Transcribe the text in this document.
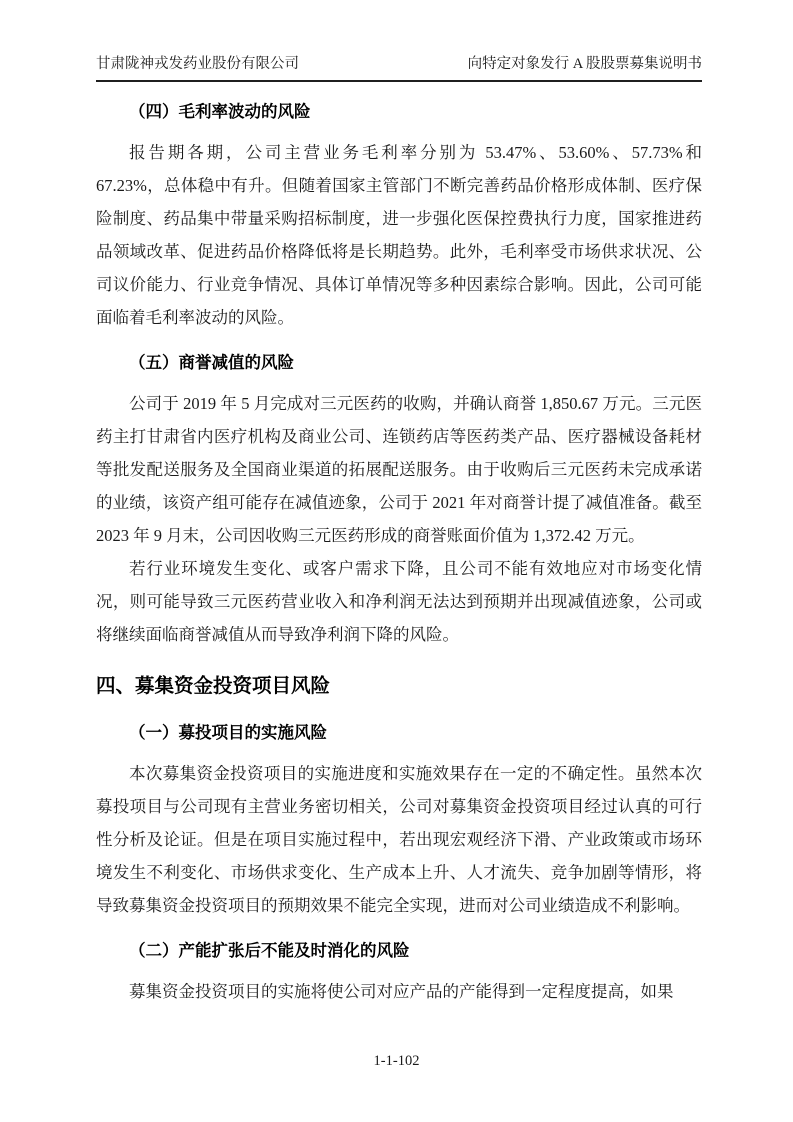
甘肃陇神戎发药业股份有限公司	向特定对象发行 A 股股票募集说明书
（四）毛利率波动的风险

报告期各期，公司主营业务毛利率分别为 53.47%、53.60%、57.73%和 67.23%，总体稳中有升。但随着国家主管部门不断完善药品价格形成体制、医疗保险制度、药品集中带量采购招标制度，进一步强化医保控费执行力度，国家推进药品领域改革、促进药品价格降低将是长期趋势。此外，毛利率受市场供求状况、公司议价能力、行业竞争情况、具体订单情况等多种因素综合影响。因此，公司可能面临着毛利率波动的风险。

（五）商誉减值的风险

公司于 2019 年 5 月完成对三元医药的收购，并确认商誉 1,850.67 万元。三元医药主打甘肃省内医疗机构及商业公司、连锁药店等医药类产品、医疗器械设备耗材等批发配送服务及全国商业渠道的拓展配送服务。由于收购后三元医药未完成承诺的业绩，该资产组可能存在减值迹象，公司于 2021 年对商誉计提了减值准备。截至 2023 年 9 月末，公司因收购三元医药形成的商誉账面价值为 1,372.42 万元。

若行业环境发生变化、或客户需求下降，且公司不能有效地应对市场变化情况，则可能导致三元医药营业收入和净利润无法达到预期并出现减值迹象，公司或将继续面临商誉减值从而导致净利润下降的风险。

四、募集资金投资项目风险
（一）募投项目的实施风险

本次募集资金投资项目的实施进度和实施效果存在一定的不确定性。虽然本次募投项目与公司现有主营业务密切相关，公司对募集资金投资项目经过认真的可行性分析及论证。但是在项目实施过程中，若出现宏观经济下滑、产业政策或市场环境发生不利变化、市场供求变化、生产成本上升、人才流失、竞争加剧等情形，将导致募集资金投资项目的预期效果不能完全实现，进而对公司业绩造成不利影响。

（二）产能扩张后不能及时消化的风险

募集资金投资项目的实施将使公司对应产品的产能得到一定程度提高，如果

1-1-102
